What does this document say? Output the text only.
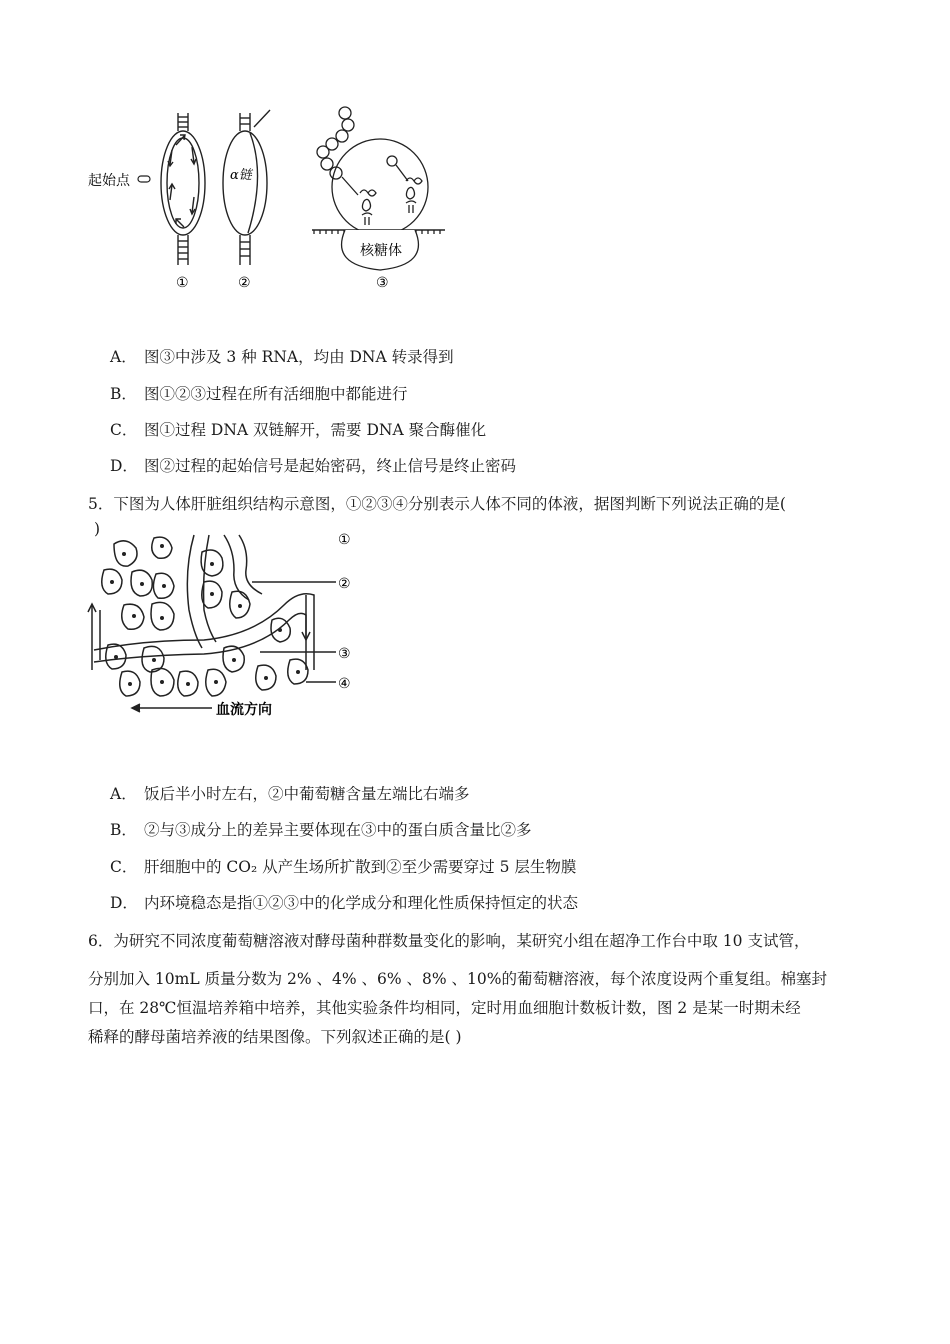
起始点
①
α链
②
核糖体
③
A． 图③中涉及 3 种 RNA，均由 DNA 转录得到
B． 图①②③过程在所有活细胞中都能进行
C． 图①过程 DNA 双链解开，需要 DNA 聚合酶催化
D． 图②过程的起始信号是起始密码，终止信号是终止密码
5．下图为人体肝脏组织结构示意图，①②③④分别表示人体不同的体液，据图判断下列说法正确的是(
)
①
②
③
④
血流方向
A． 饭后半小时左右，②中葡萄糖含量左端比右端多
B． ②与③成分上的差异主要体现在③中的蛋白质含量比②多
C． 肝细胞中的 CO₂ 从产生场所扩散到②至少需要穿过 5 层生物膜
D． 内环境稳态是指①②③中的化学成分和理化性质保持恒定的状态
6．为研究不同浓度葡萄糖溶液对酵母菌种群数量变化的影响，某研究小组在超净工作台中取 10 支试管，
分别加入 10mL 质量分数为 2% 、4% 、6% 、8% 、10%的葡萄糖溶液，每个浓度设两个重复组。棉塞封
口，在 28℃恒温培养箱中培养，其他实验条件均相同，定时用血细胞计数板计数，图 2 是某一时期未经
稀释的酵母菌培养液的结果图像。下列叙述正确的是( )
